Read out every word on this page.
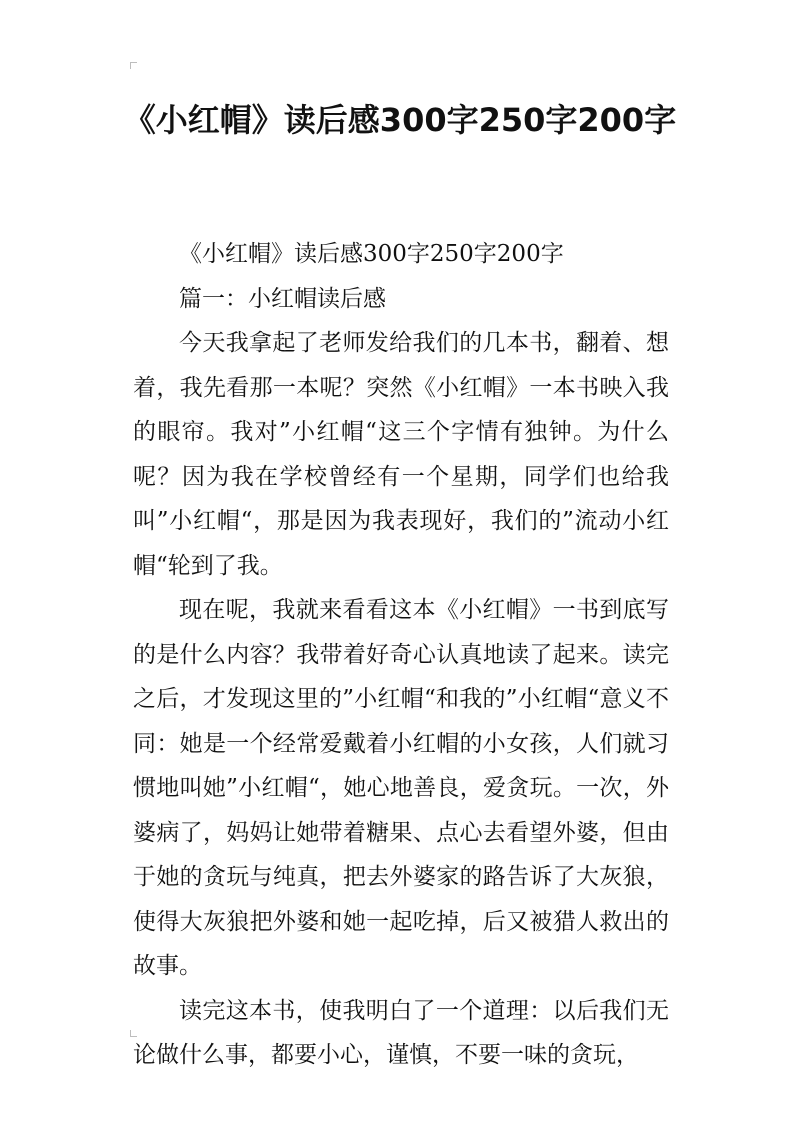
《小红帽》读后感300字250字200字

《小红帽》读后感300字250字200字

篇一：小红帽读后感

今天我拿起了老师发给我们的几本书，翻着、想着，我先看那一本呢？突然《小红帽》一本书映入我的眼帘。我对”小红帽“这三个字情有独钟。为什么呢？因为我在学校曾经有一个星期，同学们也给我叫”小红帽“，那是因为我表现好，我们的”流动小红帽“轮到了我。

现在呢，我就来看看这本《小红帽》一书到底写的是什么内容？我带着好奇心认真地读了起来。读完之后，才发现这里的”小红帽“和我的”小红帽“意义不同：她是一个经常爱戴着小红帽的小女孩，人们就习惯地叫她”小红帽“，她心地善良，爱贪玩。一次，外婆病了，妈妈让她带着糖果、点心去看望外婆，但由于她的贪玩与纯真，把去外婆家的路告诉了大灰狼，使得大灰狼把外婆和她一起吃掉，后又被猎人救出的故事。

读完这本书，使我明白了一个道理：以后我们无论做什么事，都要小心，谨慎，不要一味的贪玩，
